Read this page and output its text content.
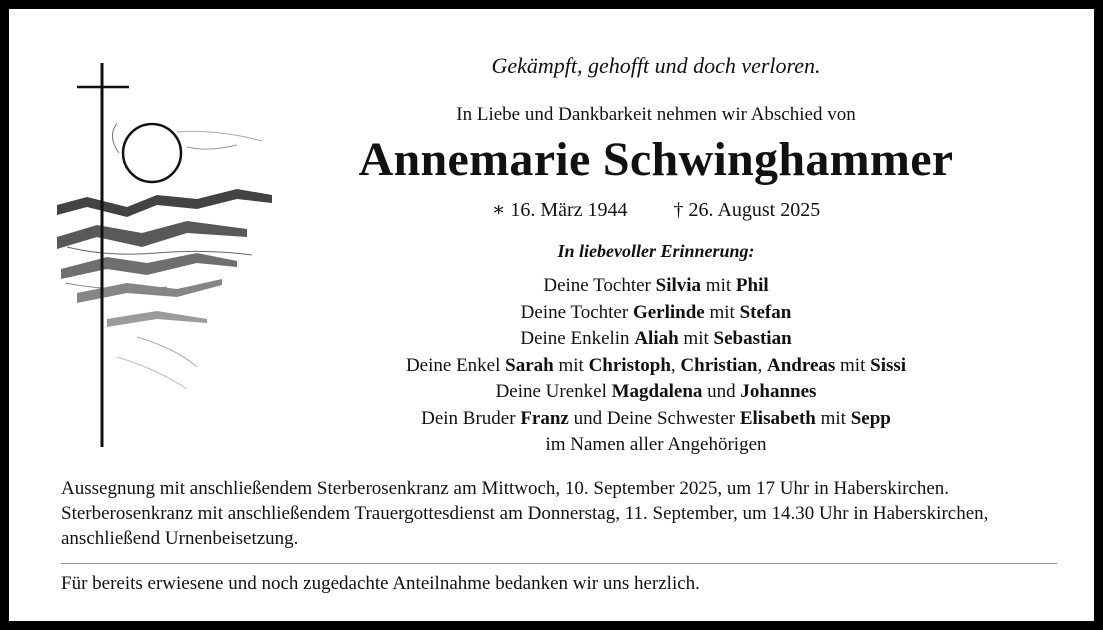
Gekämpft, gehofft und doch verloren.
In Liebe und Dankbarkeit nehmen wir Abschied von
Annemarie Schwinghammer
∗ 16. März 1944 † 26. August 2025
In liebevoller Erinnerung:
Deine Tochter Silvia mit Phil
Deine Tochter Gerlinde mit Stefan
Deine Enkelin Aliah mit Sebastian
Deine Enkel Sarah mit Christoph, Christian, Andreas mit Sissi
Deine Urenkel Magdalena und Johannes
Dein Bruder Franz und Deine Schwester Elisabeth mit Sepp
im Namen aller Angehörigen
Aussegnung mit anschließendem Sterberosenkranz am Mittwoch, 10. September 2025, um 17 Uhr in Haberskirchen. Sterberosenkranz mit anschließendem Trauergottesdienst am Donnerstag, 11. September, um 14.30 Uhr in Haberskirchen, anschließend Urnenbeisetzung.
Für bereits erwiesene und noch zugedachte Anteilnahme bedanken wir uns herzlich.
